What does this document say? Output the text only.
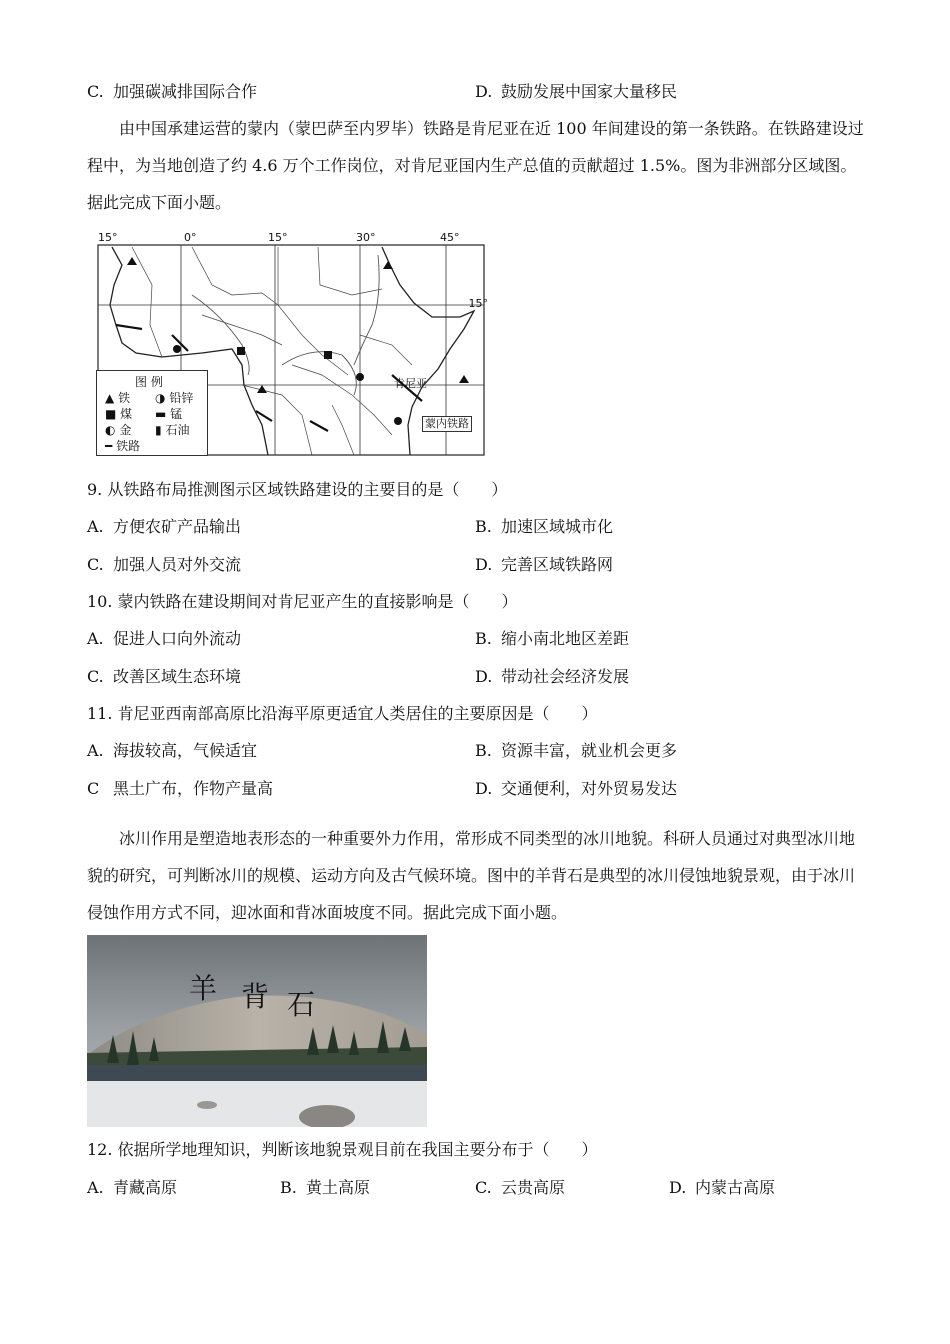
C. 加强碳减排国际合作	D. 鼓励发展中国家大量移民
由中国承建运营的蒙内（蒙巴萨至内罗毕）铁路是肯尼亚在近 100 年间建设的第一条铁路。在铁路建设过程中，为当地创造了约 4.6 万个工作岗位，对肯尼亚国内生产总值的贡献超过 1.5%。图为非洲部分区域图。据此完成下面小题。
15°	0°	15°	30°	45°
15°
肯尼亚
蒙内铁路
图例
▲ 铁 ◑ 铅锌
■ 煤 ▬ 锰
◐ 金 ▮ 石油
━ 铁路
9. 从铁路布局推测图示区域铁路建设的主要目的是（　　）
A. 方便农矿产品输出	B. 加速区域城市化
C. 加强人员对外交流	D. 完善区域铁路网
10. 蒙内铁路在建设期间对肯尼亚产生的直接影响是（　　）
A. 促进人口向外流动	B. 缩小南北地区差距
C. 改善区域生态环境	D. 带动社会经济发展
11. 肯尼亚西南部高原比沿海平原更适宜人类居住的主要原因是（　　）
A. 海拔较高，气候适宜	B. 资源丰富，就业机会更多
C 黑土广布，作物产量高	D. 交通便利，对外贸易发达
冰川作用是塑造地表形态的一种重要外力作用，常形成不同类型的冰川地貌。科研人员通过对典型冰川地貌的研究，可判断冰川的规模、运动方向及古气候环境。图中的羊背石是典型的冰川侵蚀地貌景观，由于冰川侵蚀作用方式不同，迎冰面和背冰面坡度不同。据此完成下面小题。
羊 背 石
12. 依据所学地理知识，判断该地貌景观目前在我国主要分布于（　　）
A. 青藏高原	B. 黄土高原	C. 云贵高原	D. 内蒙古高原
